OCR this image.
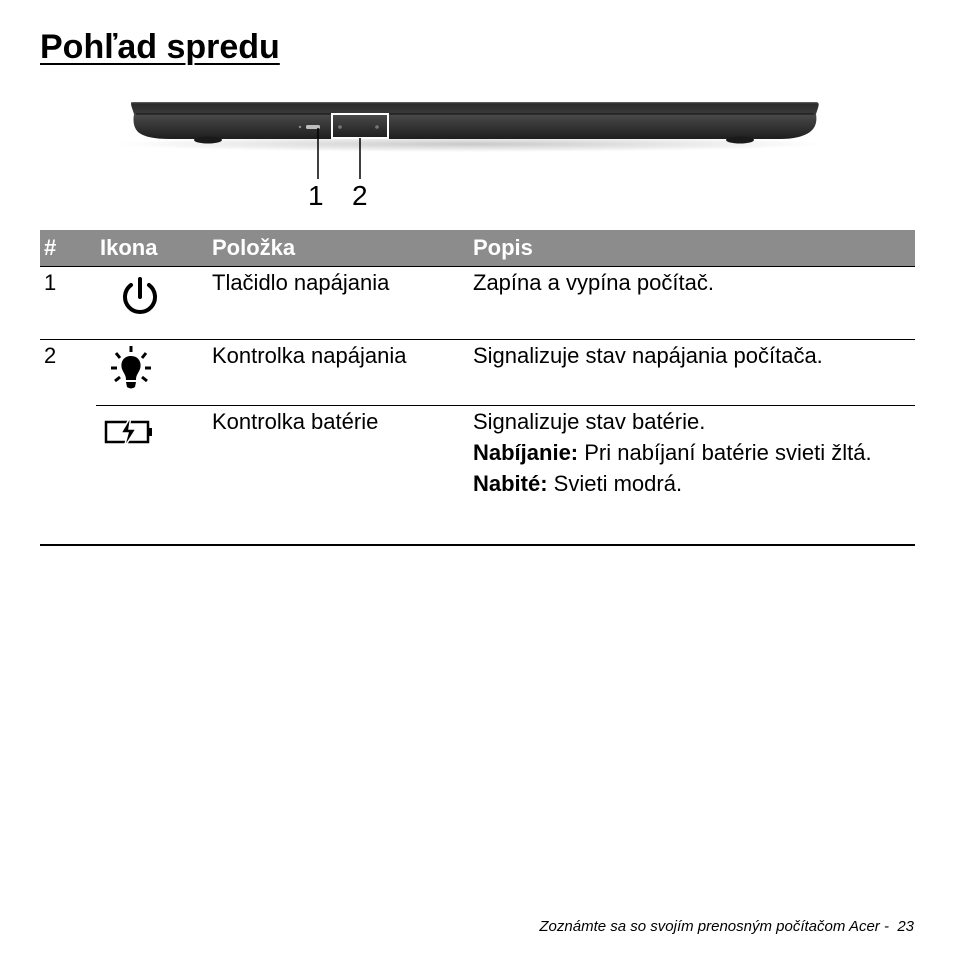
Pohľad spredu
1 2
#	Ikona	Položka	Popis
1		Tlačidlo napájania	Zapína a vypína počítač.
2		Kontrolka napájania	Signalizuje stav napájania počítača.
		Kontrolka batérie	Signalizuje stav batérie.
Nabíjanie: Pri nabíjaní batérie svieti žltá.
Nabité: Svieti modrá.
Zoznámte sa so svojím prenosným počítačom Acer - 23
